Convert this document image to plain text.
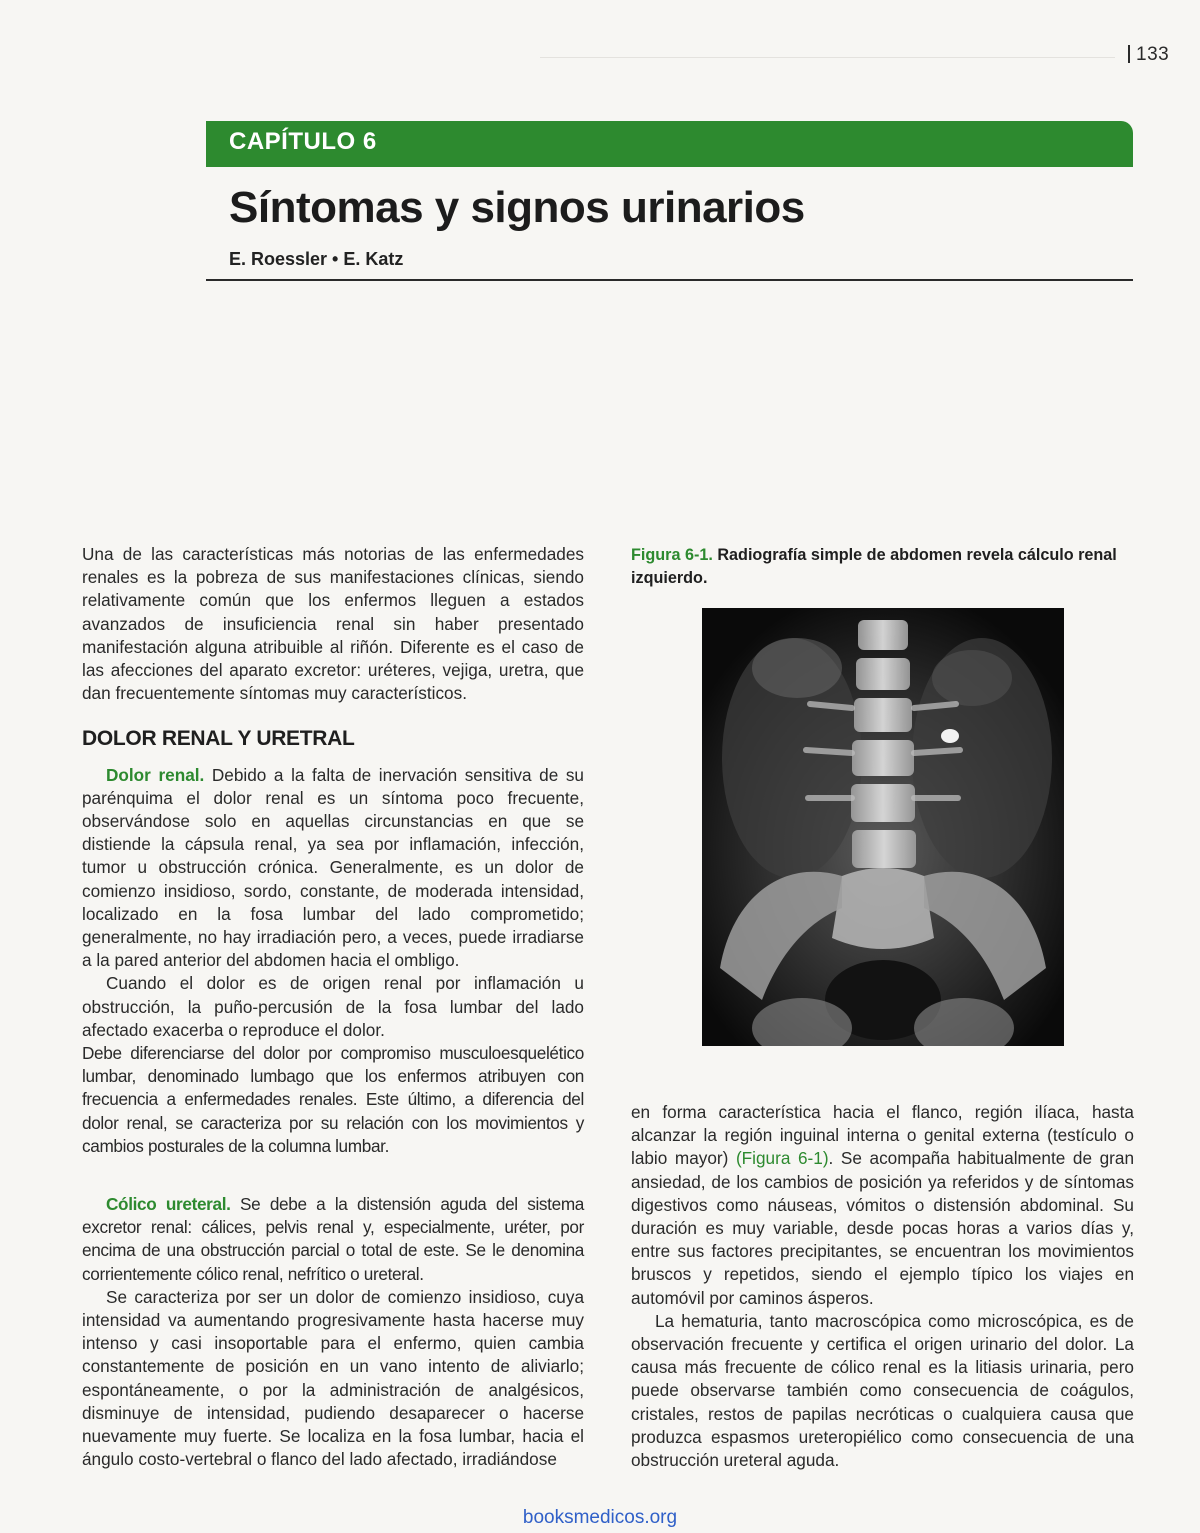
133
CAPÍTULO 6
Síntomas y signos urinarios
E. Roessler • E. Katz

Una de las características más notorias de las enfermedades renales es la pobreza de sus manifestaciones clínicas, siendo relativamente común que los enfermos lleguen a estados avanzados de insuficiencia renal sin haber presentado manifestación alguna atribuible al riñón. Diferente es el caso de las afecciones del aparato excretor: uréteres, vejiga, uretra, que dan frecuentemente síntomas muy característicos.

DOLOR RENAL Y URETRAL

Dolor renal. Debido a la falta de inervación sensitiva de su parénquima el dolor renal es un síntoma poco frecuente, observándose solo en aquellas circunstancias en que se distiende la cápsula renal, ya sea por inflamación, infección, tumor u obstrucción crónica. Generalmente, es un dolor de comienzo insidioso, sordo, constante, de moderada intensidad, localizado en la fosa lumbar del lado comprometido; generalmente, no hay irradiación pero, a veces, puede irradiarse a la pared anterior del abdomen hacia el ombligo.

Cuando el dolor es de origen renal por inflamación u obstrucción, la puño-percusión de la fosa lumbar del lado afectado exacerba o reproduce el dolor.

Debe diferenciarse del dolor por compromiso musculoesquelético lumbar, denominado lumbago que los enfermos atribuyen con frecuencia a enfermedades renales. Este último, a diferencia del dolor renal, se caracteriza por su relación con los movimientos y cambios posturales de la columna lumbar.

Cólico ureteral. Se debe a la distensión aguda del sistema excretor renal: cálices, pelvis renal y, especialmente, uréter, por encima de una obstrucción parcial o total de este. Se le denomina corrientemente cólico renal, nefrítico o ureteral.

Se caracteriza por ser un dolor de comienzo insidioso, cuya intensidad va aumentando progresivamente hasta hacerse muy intenso y casi insoportable para el enfermo, quien cambia constantemente de posición en un vano intento de aliviarlo; espontáneamente, o por la administración de analgésicos, disminuye de intensidad, pudiendo desaparecer o hacerse nuevamente muy fuerte. Se localiza en la fosa lumbar, hacia el ángulo costo-vertebral o flanco del lado afectado, irradiándose

Figura 6-1. Radiografía simple de abdomen revela cálculo renal izquierdo.

en forma característica hacia el flanco, región ilíaca, hasta alcanzar la región inguinal interna o genital externa (testículo o labio mayor) (Figura 6-1). Se acompaña habitualmente de gran ansiedad, de los cambios de posición ya referidos y de síntomas digestivos como náuseas, vómitos o distensión abdominal. Su duración es muy variable, desde pocas horas a varios días y, entre sus factores precipitantes, se encuentran los movimientos bruscos y repetidos, siendo el ejemplo típico los viajes en automóvil por caminos ásperos.

La hematuria, tanto macroscópica como microscópica, es de observación frecuente y certifica el origen urinario del dolor. La causa más frecuente de cólico renal es la litiasis urinaria, pero puede observarse también como consecuencia de coágulos, cristales, restos de papilas necróticas o cualquiera causa que produzca espasmos ureteropiélico como consecuencia de una obstrucción ureteral aguda.

booksmedicos.org
